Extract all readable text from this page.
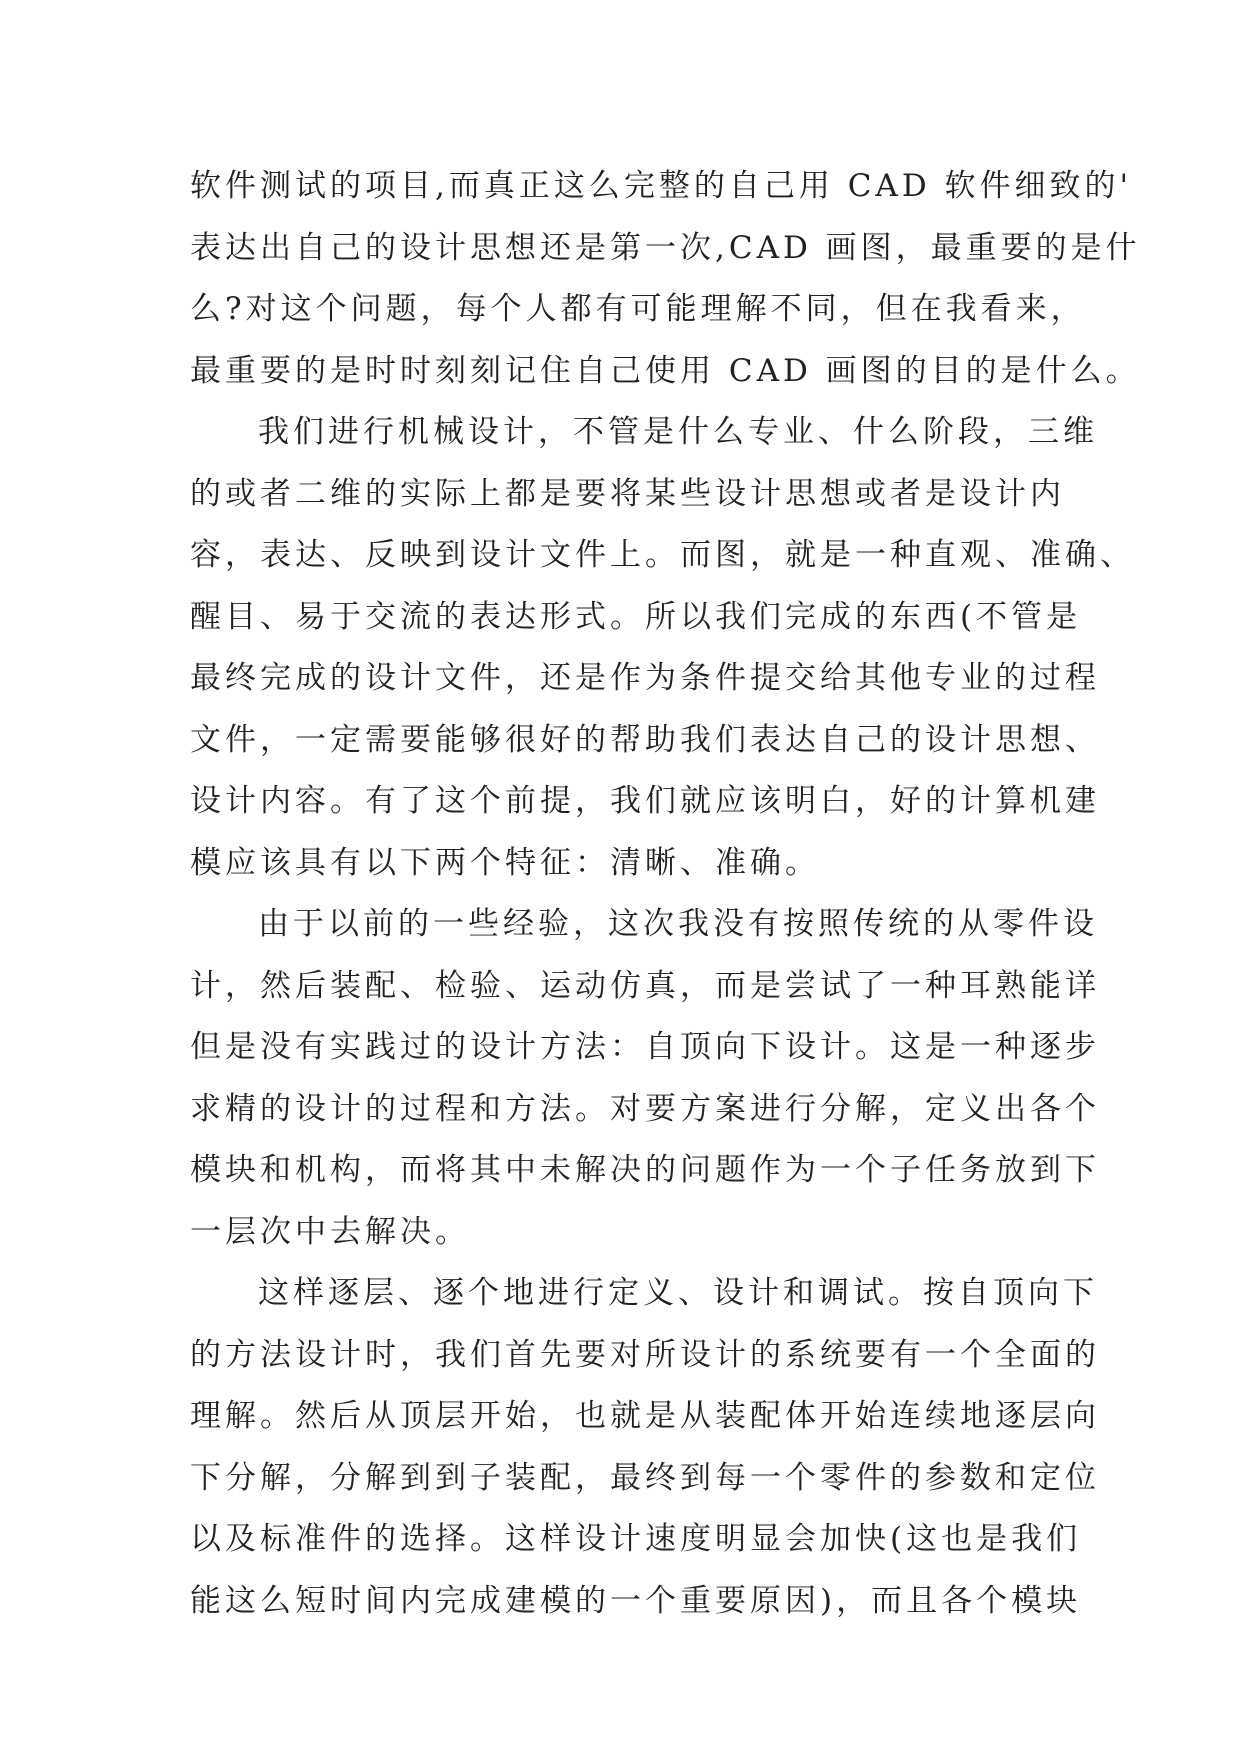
软件测试的项目,而真正这么完整的自己用 CAD 软件细致的'
表达出自己的设计思想还是第一次,CAD 画图，最重要的是什
么?对这个问题，每个人都有可能理解不同，但在我看来，
最重要的是时时刻刻记住自己使用 CAD 画图的目的是什么。
我们进行机械设计，不管是什么专业、什么阶段，三维
的或者二维的实际上都是要将某些设计思想或者是设计内
容，表达、反映到设计文件上。而图，就是一种直观、准确、
醒目、易于交流的表达形式。所以我们完成的东西(不管是
最终完成的设计文件，还是作为条件提交给其他专业的过程
文件，一定需要能够很好的帮助我们表达自己的设计思想、
设计内容。有了这个前提，我们就应该明白，好的计算机建
模应该具有以下两个特征：清晰、准确。
由于以前的一些经验，这次我没有按照传统的从零件设
计，然后装配、检验、运动仿真，而是尝试了一种耳熟能详
但是没有实践过的设计方法：自顶向下设计。这是一种逐步
求精的设计的过程和方法。对要方案进行分解，定义出各个
模块和机构，而将其中未解决的问题作为一个子任务放到下
一层次中去解决。
这样逐层、逐个地进行定义、设计和调试。按自顶向下
的方法设计时，我们首先要对所设计的系统要有一个全面的
理解。然后从顶层开始，也就是从装配体开始连续地逐层向
下分解，分解到到子装配，最终到每一个零件的参数和定位
以及标准件的选择。这样设计速度明显会加快(这也是我们
能这么短时间内完成建模的一个重要原因)，而且各个模块
